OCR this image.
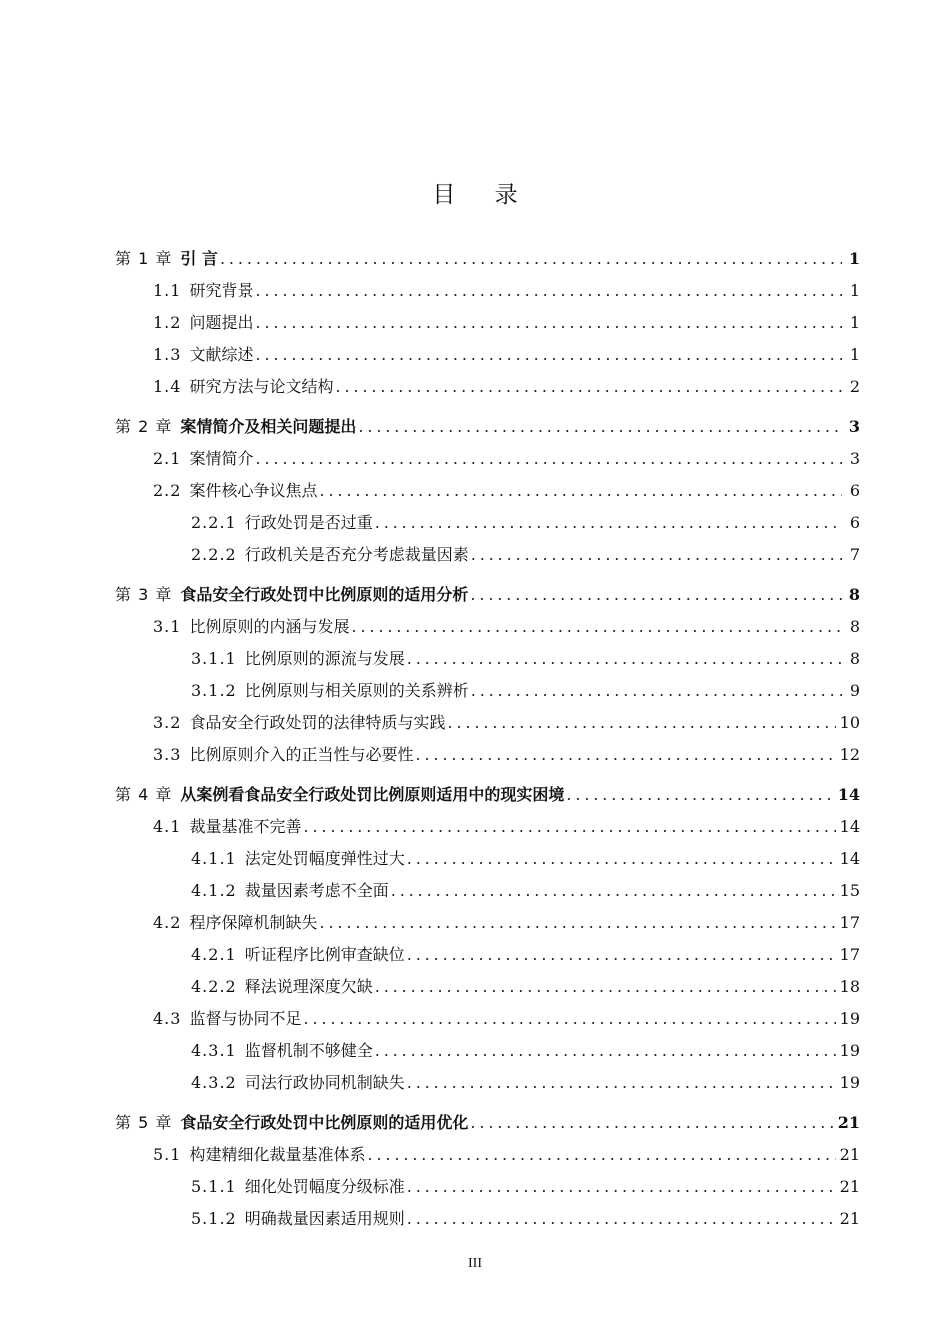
目 录
第 1 章 引 言 . . .	1
1.1 研究背景 . . .	1
1.2 问题提出 . . .	1
1.3 文献综述 . . .	1
1.4 研究方法与论文结构 . . .	2
第 2 章 案情简介及相关问题提出 . . .	3
2.1 案情简介 . . .	3
2.2 案件核心争议焦点 . . .	6
2.2.1 行政处罚是否过重 . . .	6
2.2.2 行政机关是否充分考虑裁量因素 . . .	7
第 3 章 食品安全行政处罚中比例原则的适用分析 . . .	8
3.1 比例原则的内涵与发展 . . .	8
3.1.1 比例原则的源流与发展 . . .	8
3.1.2 比例原则与相关原则的关系辨析 . . .	9
3.2 食品安全行政处罚的法律特质与实践 . . .	10
3.3 比例原则介入的正当性与必要性 . . .	12
第 4 章 从案例看食品安全行政处罚比例原则适用中的现实困境 . . .	14
4.1 裁量基准不完善 . . .	14
4.1.1 法定处罚幅度弹性过大 . . .	14
4.1.2 裁量因素考虑不全面 . . .	15
4.2 程序保障机制缺失 . . .	17
4.2.1 听证程序比例审查缺位 . . .	17
4.2.2 释法说理深度欠缺 . . .	18
4.3 监督与协同不足 . . .	19
4.3.1 监督机制不够健全 . . .	19
4.3.2 司法行政协同机制缺失 . . .	19
第 5 章 食品安全行政处罚中比例原则的适用优化 . . .	21
5.1 构建精细化裁量基准体系 . . .	21
5.1.1 细化处罚幅度分级标准 . . .	21
5.1.2 明确裁量因素适用规则 . . .	21
III
